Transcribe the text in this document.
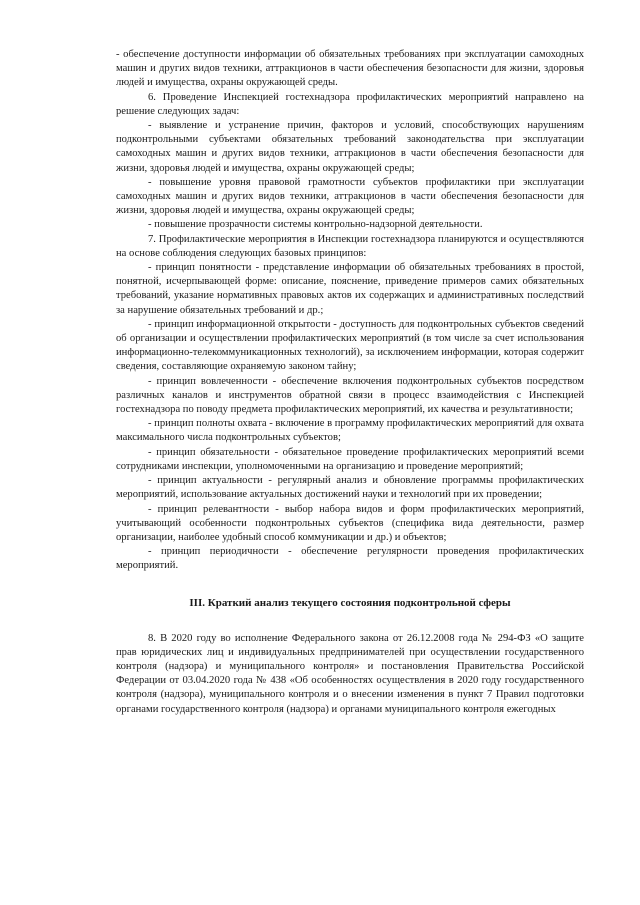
- обеспечение доступности информации об обязательных требованиях при эксплуатации самоходных машин и других видов техники, аттракционов в части обеспечения безопасности для жизни, здоровья людей и имущества, охраны окружающей среды.

6. Проведение Инспекцией гостехнадзора профилактических мероприятий направлено на решение следующих задач:

- выявление и устранение причин, факторов и условий, способствующих нарушениям подконтрольными субъектами обязательных требований законодательства при эксплуатации самоходных машин и других видов техники, аттракционов в части обеспечения безопасности для жизни, здоровья людей и имущества, охраны окружающей среды;

- повышение уровня правовой грамотности субъектов профилактики при эксплуатации самоходных машин и других видов техники, аттракционов в части обеспечения безопасности для жизни, здоровья людей и имущества, охраны окружающей среды;

- повышение прозрачности системы контрольно-надзорной деятельности.

7. Профилактические мероприятия в Инспекции гостехнадзора планируются и осуществляются на основе соблюдения следующих базовых принципов:

- принцип понятности - представление информации об обязательных требованиях в простой, понятной, исчерпывающей форме: описание, пояснение, приведение примеров самих обязательных требований, указание нормативных правовых актов их содержащих и административных последствий за нарушение обязательных требований и др.;

- принцип информационной открытости - доступность для подконтрольных субъектов сведений об организации и осуществлении профилактических мероприятий (в том числе за счет использования информационно-телекоммуникационных технологий), за исключением информации, которая содержит сведения, составляющие охраняемую законом тайну;

- принцип вовлеченности - обеспечение включения подконтрольных субъектов посредством различных каналов и инструментов обратной связи в процесс взаимодействия с Инспекцией гостехнадзора по поводу предмета профилактических мероприятий, их качества и результативности;

- принцип полноты охвата - включение в программу профилактических мероприятий для охвата максимального числа подконтрольных субъектов;

- принцип обязательности - обязательное проведение профилактических мероприятий всеми сотрудниками инспекции, уполномоченными на организацию и проведение мероприятий;

- принцип актуальности - регулярный анализ и обновление программы профилактических мероприятий, использование актуальных достижений науки и технологий при их проведении;

- принцип релевантности - выбор набора видов и форм профилактических мероприятий, учитывающий особенности подконтрольных субъектов (специфика вида деятельности, размер организации, наиболее удобный способ коммуникации и др.) и объектов;

- принцип периодичности - обеспечение регулярности проведения профилактических мероприятий.

III. Краткий анализ текущего состояния подконтрольной сферы

8. В 2020 году во исполнение Федерального закона от 26.12.2008 года № 294-ФЗ «О защите прав юридических лиц и индивидуальных предпринимателей при осуществлении государственного контроля (надзора) и муниципального контроля» и постановления Правительства Российской Федерации от 03.04.2020 года № 438 «Об особенностях осуществления в 2020 году государственного контроля (надзора), муниципального контроля и о внесении изменения в пункт 7 Правил подготовки органами государственного контроля (надзора) и органами муниципального контроля ежегодных
